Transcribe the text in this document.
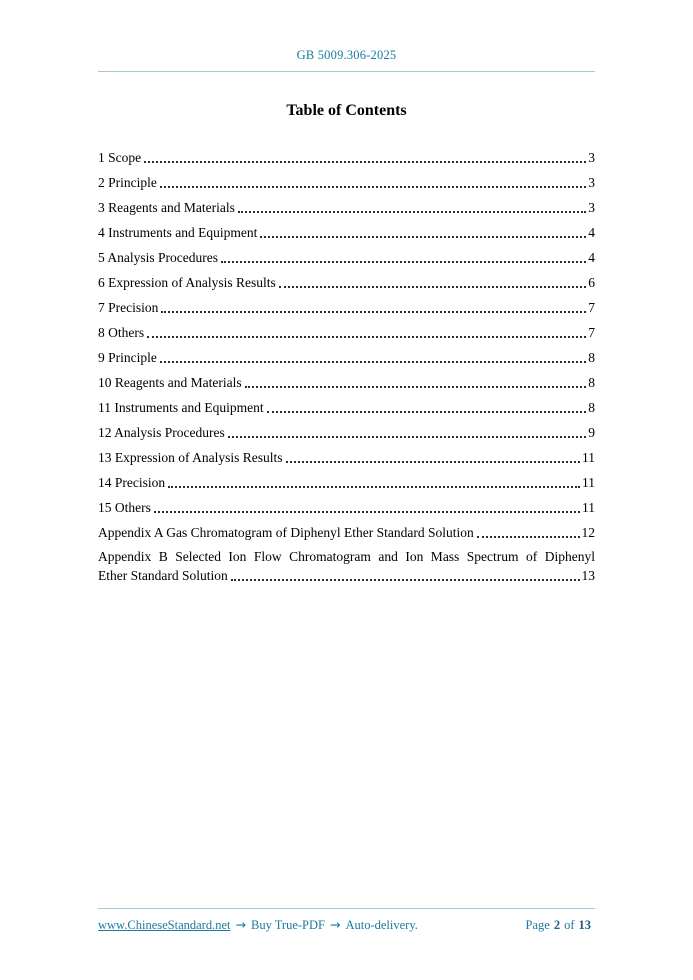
GB 5009.306-2025
Table of Contents
1 Scope	3
2 Principle	3
3 Reagents and Materials	3
4 Instruments and Equipment	4
5 Analysis Procedures	4
6 Expression of Analysis Results	6
7 Precision	7
8 Others	7
9 Principle	8
10 Reagents and Materials	8
11 Instruments and Equipment	8
12 Analysis Procedures	9
13 Expression of Analysis Results	11
14 Precision	11
15 Others	11
Appendix A Gas Chromatogram of Diphenyl Ether Standard Solution	12
Appendix B Selected Ion Flow Chromatogram and Ion Mass Spectrum of Diphenyl
Ether Standard Solution	13
www.ChineseStandard.net → Buy True-PDF → Auto-delivery.	Page 2 of 13
